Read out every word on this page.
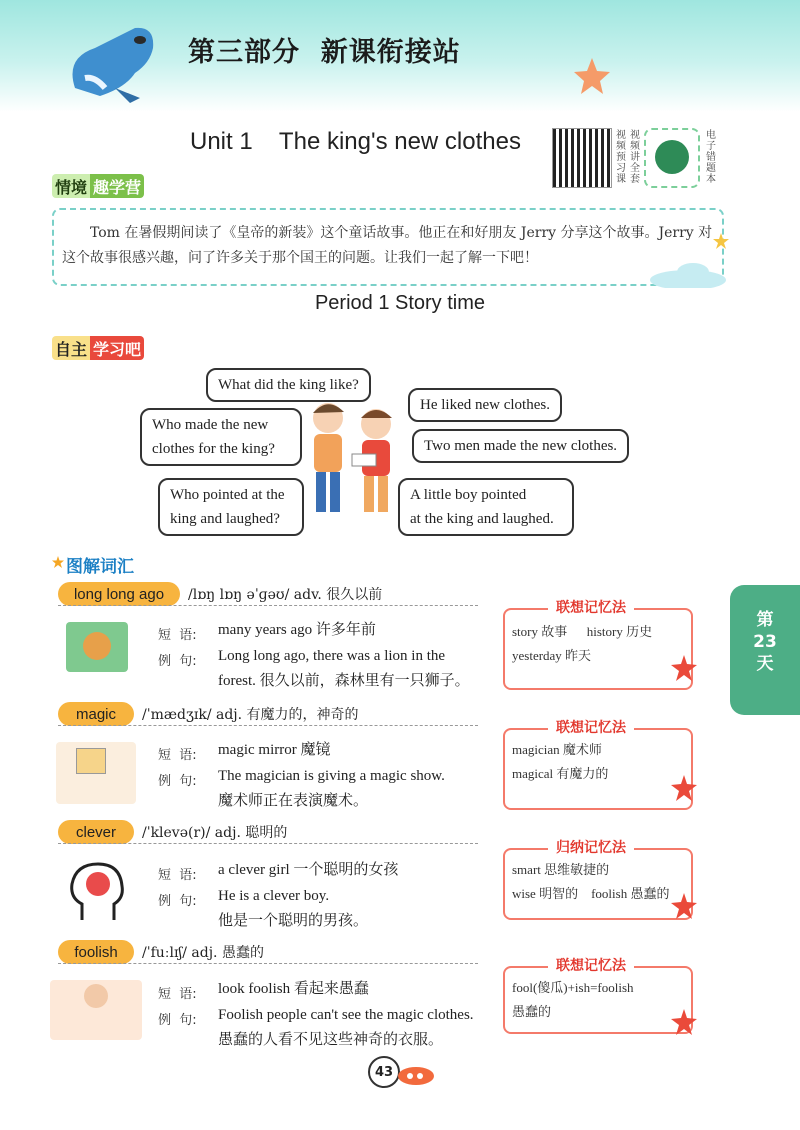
第三部分  新课衔接站
Unit 1    The king's new clothes	视频预习课
视频讲全套
电子错题本
情境 趣学营
Tom 在暑假期间读了《皇帝的新装》这个童话故事。他正在和好朋友 Jerry 分享这个故事。Jerry 对这个故事很感兴趣，问了许多关于那个国王的问题。让我们一起了解一下吧！
Period 1 Story time
自主 学习吧
What did the king like?
He liked new clothes.
Who made the new
clothes for the king?	Two men made the new clothes.
Who pointed at the
king and laughed?
A little boy pointed
at the king and laughed.
图解词汇
long long ago	/lɒŋ lɒŋ əˈɡəʊ/ adv. 很久以前
短  语: many years ago 许多年前
例  句: Long long ago, there was a lion in the
forest. 很久以前，森林里有一只狮子。
联想记忆法
story 故事      history 历史
yesterday 昨天
magic	/ˈmædʒɪk/ adj. 有魔力的，神奇的
短  语: magic mirror 魔镜
例  句: The magician is giving a magic show.
魔术师正在表演魔术。
联想记忆法
magician 魔术师
magical 有魔力的
clever	/ˈklevə(r)/ adj. 聪明的
短  语: a clever girl 一个聪明的女孩
例  句: He is a clever boy.
他是一个聪明的男孩。
归纳记忆法
smart 思维敏捷的
wise 明智的    foolish 愚蠢的
foolish	/ˈfuːlɪʃ/ adj. 愚蠢的
短  语: look foolish 看起来愚蠢
例  句: Foolish people can't see the magic clothes.
愚蠢的人看不见这些神奇的衣服。
联想记忆法
fool(傻瓜)+ish=foolish
愚蠢的
第
23
天
43
